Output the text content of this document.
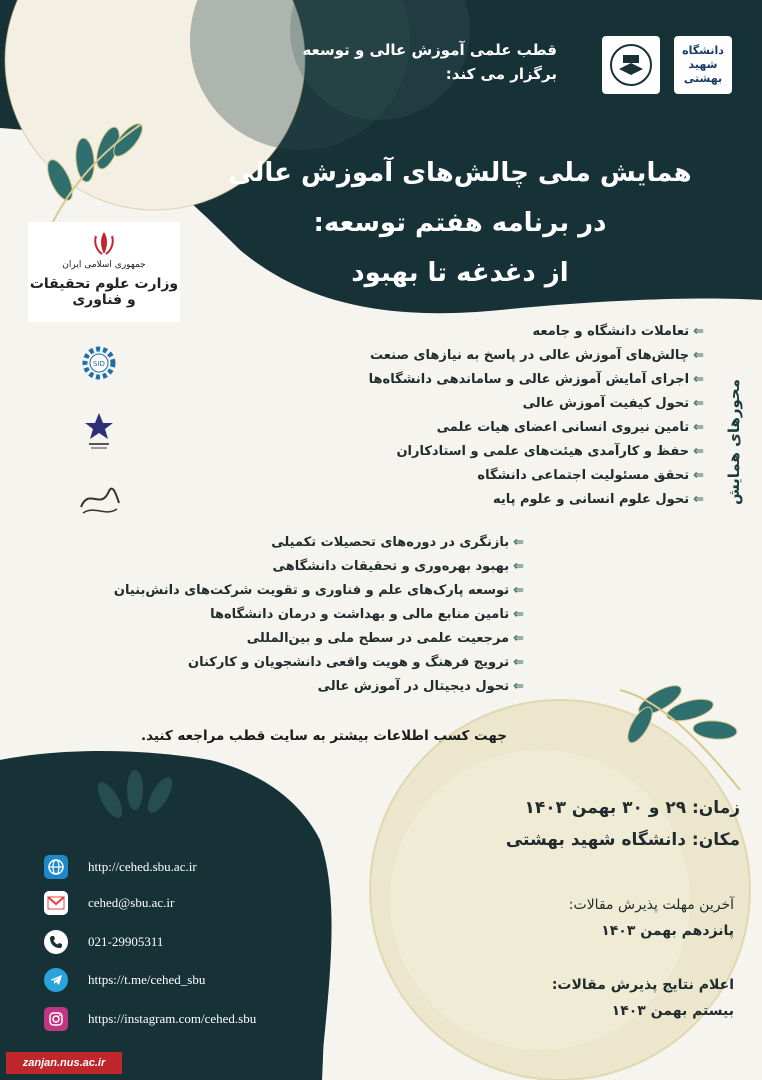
قطب علمی آموزش عالی و توسعه
برگزار می کند:
دانشگاه شهید بهشتی
همایش ملی چالش‌های آموزش عالی
در برنامه هفتم توسعه:
از دغدغه تا بهبود
جمهوری اسلامی ایران
وزارت علوم تحقیقات و فناوری
SID
محورهای همایش
⇐تعاملات دانشگاه و جامعه
⇐چالش‌های آموزش عالی در پاسخ به نیازهای صنعت
⇐اجرای آمایش آموزش عالی و ساماندهی دانشگاه‌ها
⇐تحول کیفیت آموزش عالی
⇐تامین نیروی انسانی اعضای هیات علمی
⇐حفظ و کارآمدی هیئت‌های علمی و استادکاران
⇐تحقق مسئولیت اجتماعی دانشگاه
⇐تحول علوم انسانی و علوم پایه
⇐بازنگری در دوره‌های تحصیلات تکمیلی
⇐بهبود بهره‌وری و تحقیقات دانشگاهی
⇐توسعه پارک‌های علم و فناوری و تقویت شرکت‌های دانش‌بنیان
⇐تامین منابع مالی و بهداشت و درمان دانشگاه‌ها
⇐مرجعیت علمی در سطح ملی و بین‌المللی
⇐ترویج فرهنگ و هویت واقعی دانشجویان و کارکنان
⇐تحول دیجیتال در آموزش عالی
جهت کسب اطلاعات بیشتر به سایت قطب مراجعه کنید.
زمان: ۲۹ و ۳۰ بهمن ۱۴۰۳
مکان: دانشگاه شهید بهشتی
آخرین مهلت پذیرش مقالات:
پانزدهم بهمن ۱۴۰۳
اعلام نتایج پذیرش مقالات:
بیستم بهمن ۱۴۰۳
http://cehed.sbu.ac.ir
cehed@sbu.ac.ir
021-29905311
https://t.me/cehed_sbu
https://instagram.com/cehed.sbu
zanjan.nus.ac.ir
